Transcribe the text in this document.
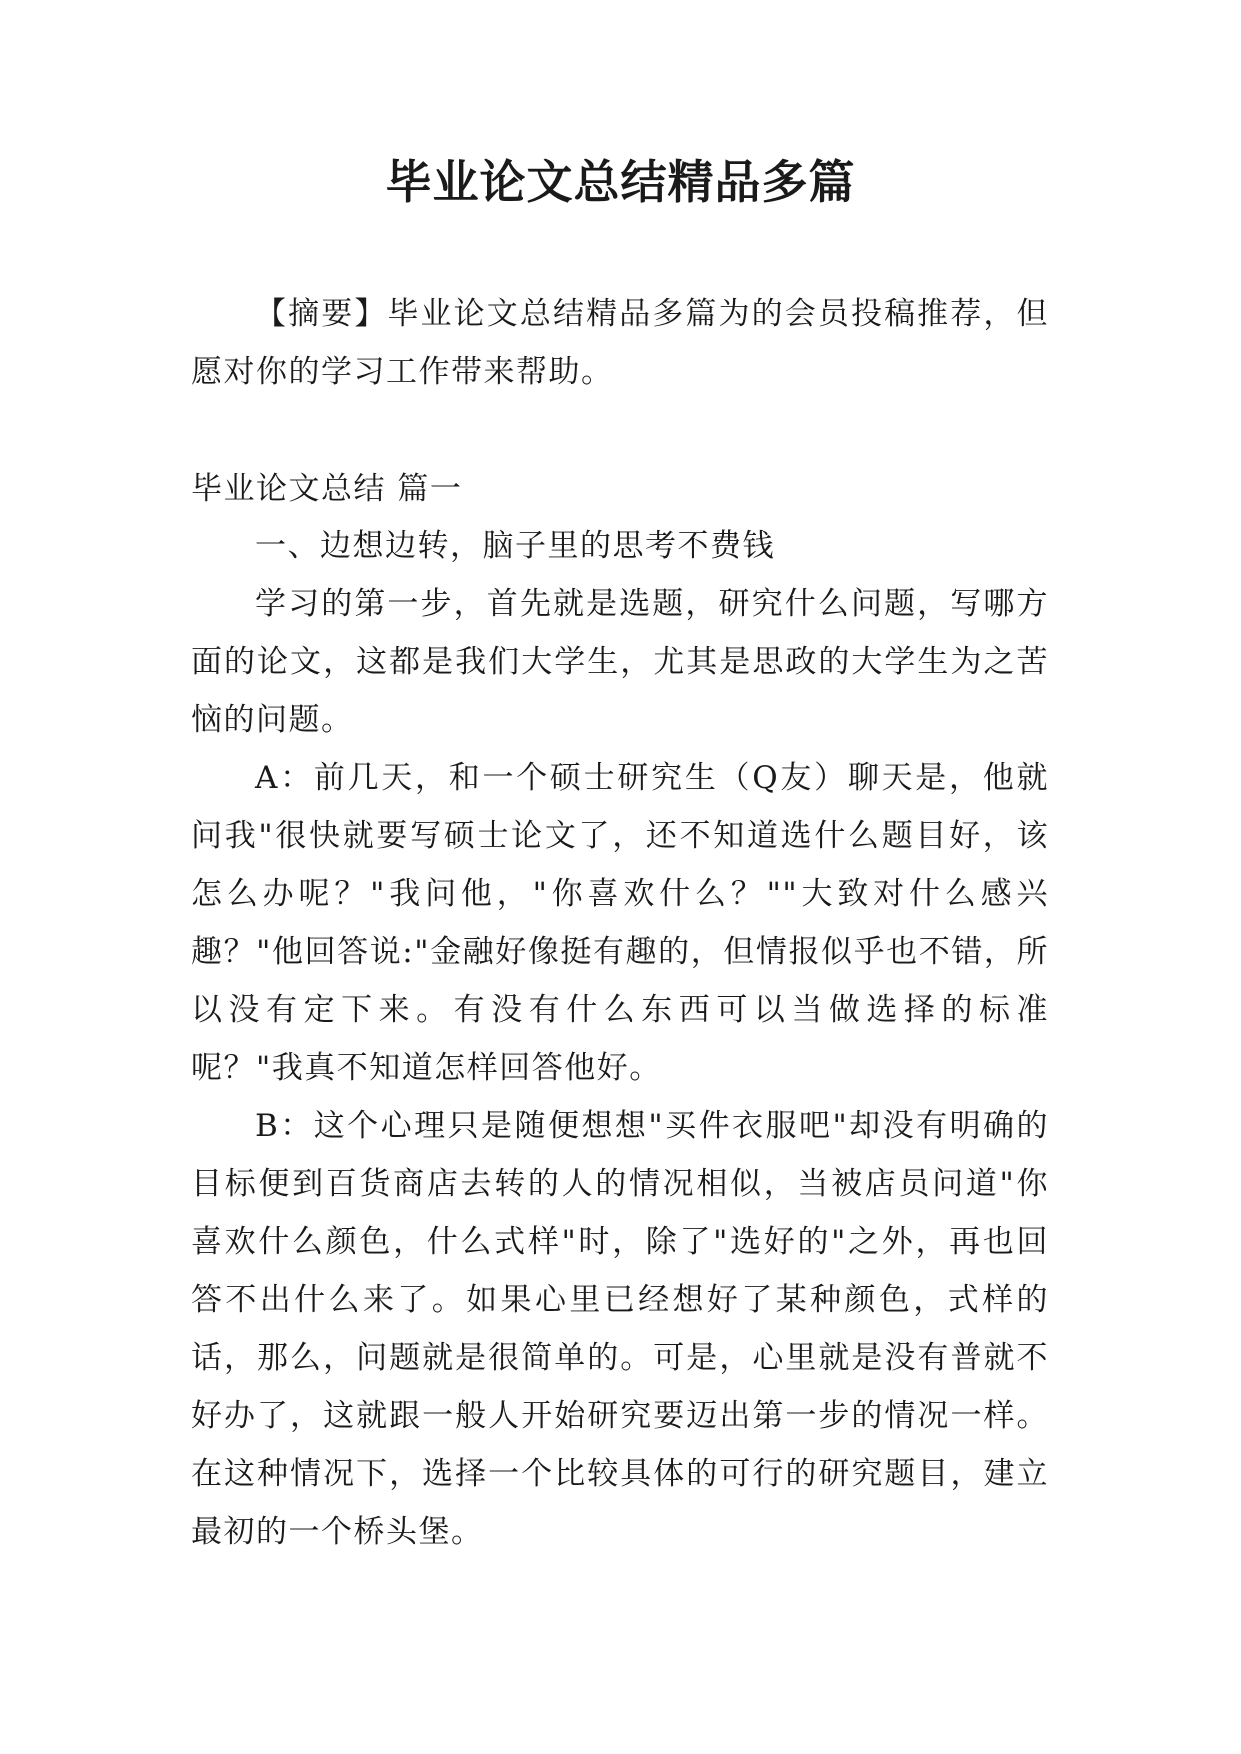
毕业论文总结精品多篇

【摘要】毕业论文总结精品多篇为的会员投稿推荐，但愿对你的学习工作带来帮助。

毕业论文总结 篇一

一、边想边转，脑子里的思考不费钱

学习的第一步，首先就是选题，研究什么问题，写哪方面的论文，这都是我们大学生，尤其是思政的大学生为之苦恼的问题。

A：前几天，和一个硕士研究生（Q友）聊天是，他就问我"很快就要写硕士论文了，还不知道选什么题目好，该怎么办呢？"我问他，"你喜欢什么？""大致对什么感兴趣？"他回答说:"金融好像挺有趣的，但情报似乎也不错，所以没有定下来。有没有什么东西可以当做选择的标准呢？"我真不知道怎样回答他好。

B：这个心理只是随便想想"买件衣服吧"却没有明确的目标便到百货商店去转的人的情况相似，当被店员问道"你喜欢什么颜色，什么式样"时，除了"选好的"之外，再也回答不出什么来了。如果心里已经想好了某种颜色，式样的话，那么，问题就是很简单的。可是，心里就是没有普就不好办了，这就跟一般人开始研究要迈出第一步的情况一样。在这种情况下，选择一个比较具体的可行的研究题目，建立最初的一个桥头堡。
